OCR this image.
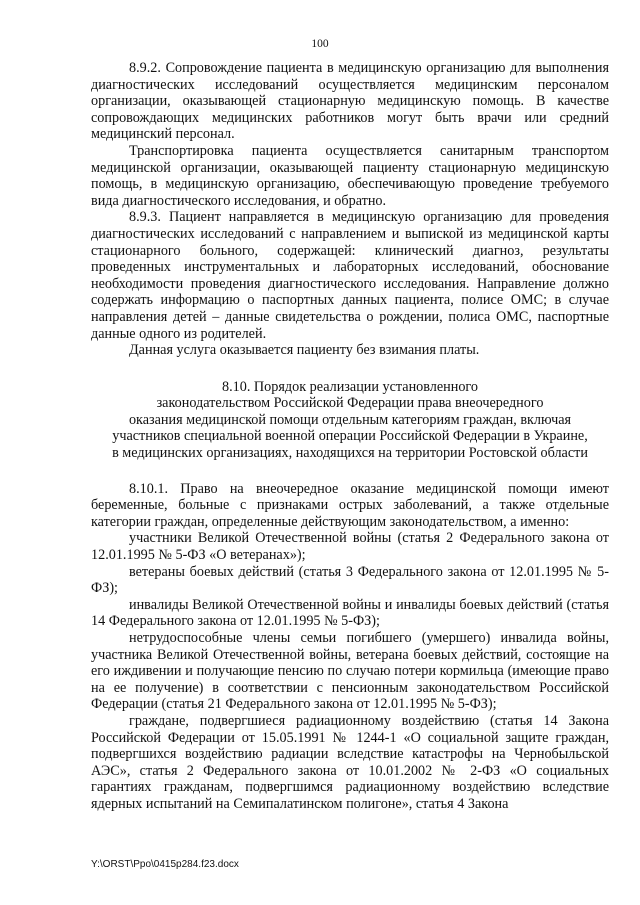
100

8.9.2. Сопровождение пациента в медицинскую организацию для выполнения диагностических исследований осуществляется медицинским персоналом организации, оказывающей стационарную медицинскую помощь. В качестве сопровождающих медицинских работников могут быть врачи или средний медицинский персонал.

Транспортировка пациента осуществляется санитарным транспортом медицинской организации, оказывающей пациенту стационарную медицинскую помощь, в медицинскую организацию, обеспечивающую проведение требуемого вида диагностического исследования, и обратно.

8.9.3. Пациент направляется в медицинскую организацию для проведения диагностических исследований с направлением и выпиской из медицинской карты стационарного больного, содержащей: клинический диагноз, результаты проведенных инструментальных и лабораторных исследований, обоснование необходимости проведения диагностического исследования. Направление должно содержать информацию о паспортных данных пациента, полисе ОМС; в случае направления детей – данные свидетельства о рождении, полиса ОМС, паспортные данные одного из родителей.

Данная услуга оказывается пациенту без взимания платы.

8.10. Порядок реализации установленного
законодательством Российской Федерации права внеочередного
оказания медицинской помощи отдельным категориям граждан, включая
участников специальной военной операции Российской Федерации в Украине,
в медицинских организациях, находящихся на территории Ростовской области

8.10.1. Право на внеочередное оказание медицинской помощи имеют беременные, больные с признаками острых заболеваний, а также отдельные категории граждан, определенные действующим законодательством, а именно:

участники Великой Отечественной войны (статья 2 Федерального закона от 12.01.1995 № 5-ФЗ «О ветеранах»);

ветераны боевых действий (статья 3 Федерального закона от 12.01.1995 № 5-ФЗ);

инвалиды Великой Отечественной войны и инвалиды боевых действий (статья 14 Федерального закона от 12.01.1995 № 5-ФЗ);

нетрудоспособные члены семьи погибшего (умершего) инвалида войны, участника Великой Отечественной войны, ветерана боевых действий, состоящие на его иждивении и получающие пенсию по случаю потери кормильца (имеющие право на ее получение) в соответствии с пенсионным законодательством Российской Федерации (статья 21 Федерального закона от 12.01.1995 № 5-ФЗ);

граждане, подвергшиеся радиационному воздействию (статья 14 Закона Российской Федерации от 15.05.1991 № 1244-1 «О социальной защите граждан, подвергшихся воздействию радиации вследствие катастрофы на Чернобыльской АЭС», статья 2 Федерального закона от 10.01.2002 № 2-ФЗ «О социальных гарантиях гражданам, подвергшимся радиационному воздействию вследствие ядерных испытаний на Семипалатинском полигоне», статья 4 Закона

Y:\ORST\Ppo\0415p284.f23.docx
